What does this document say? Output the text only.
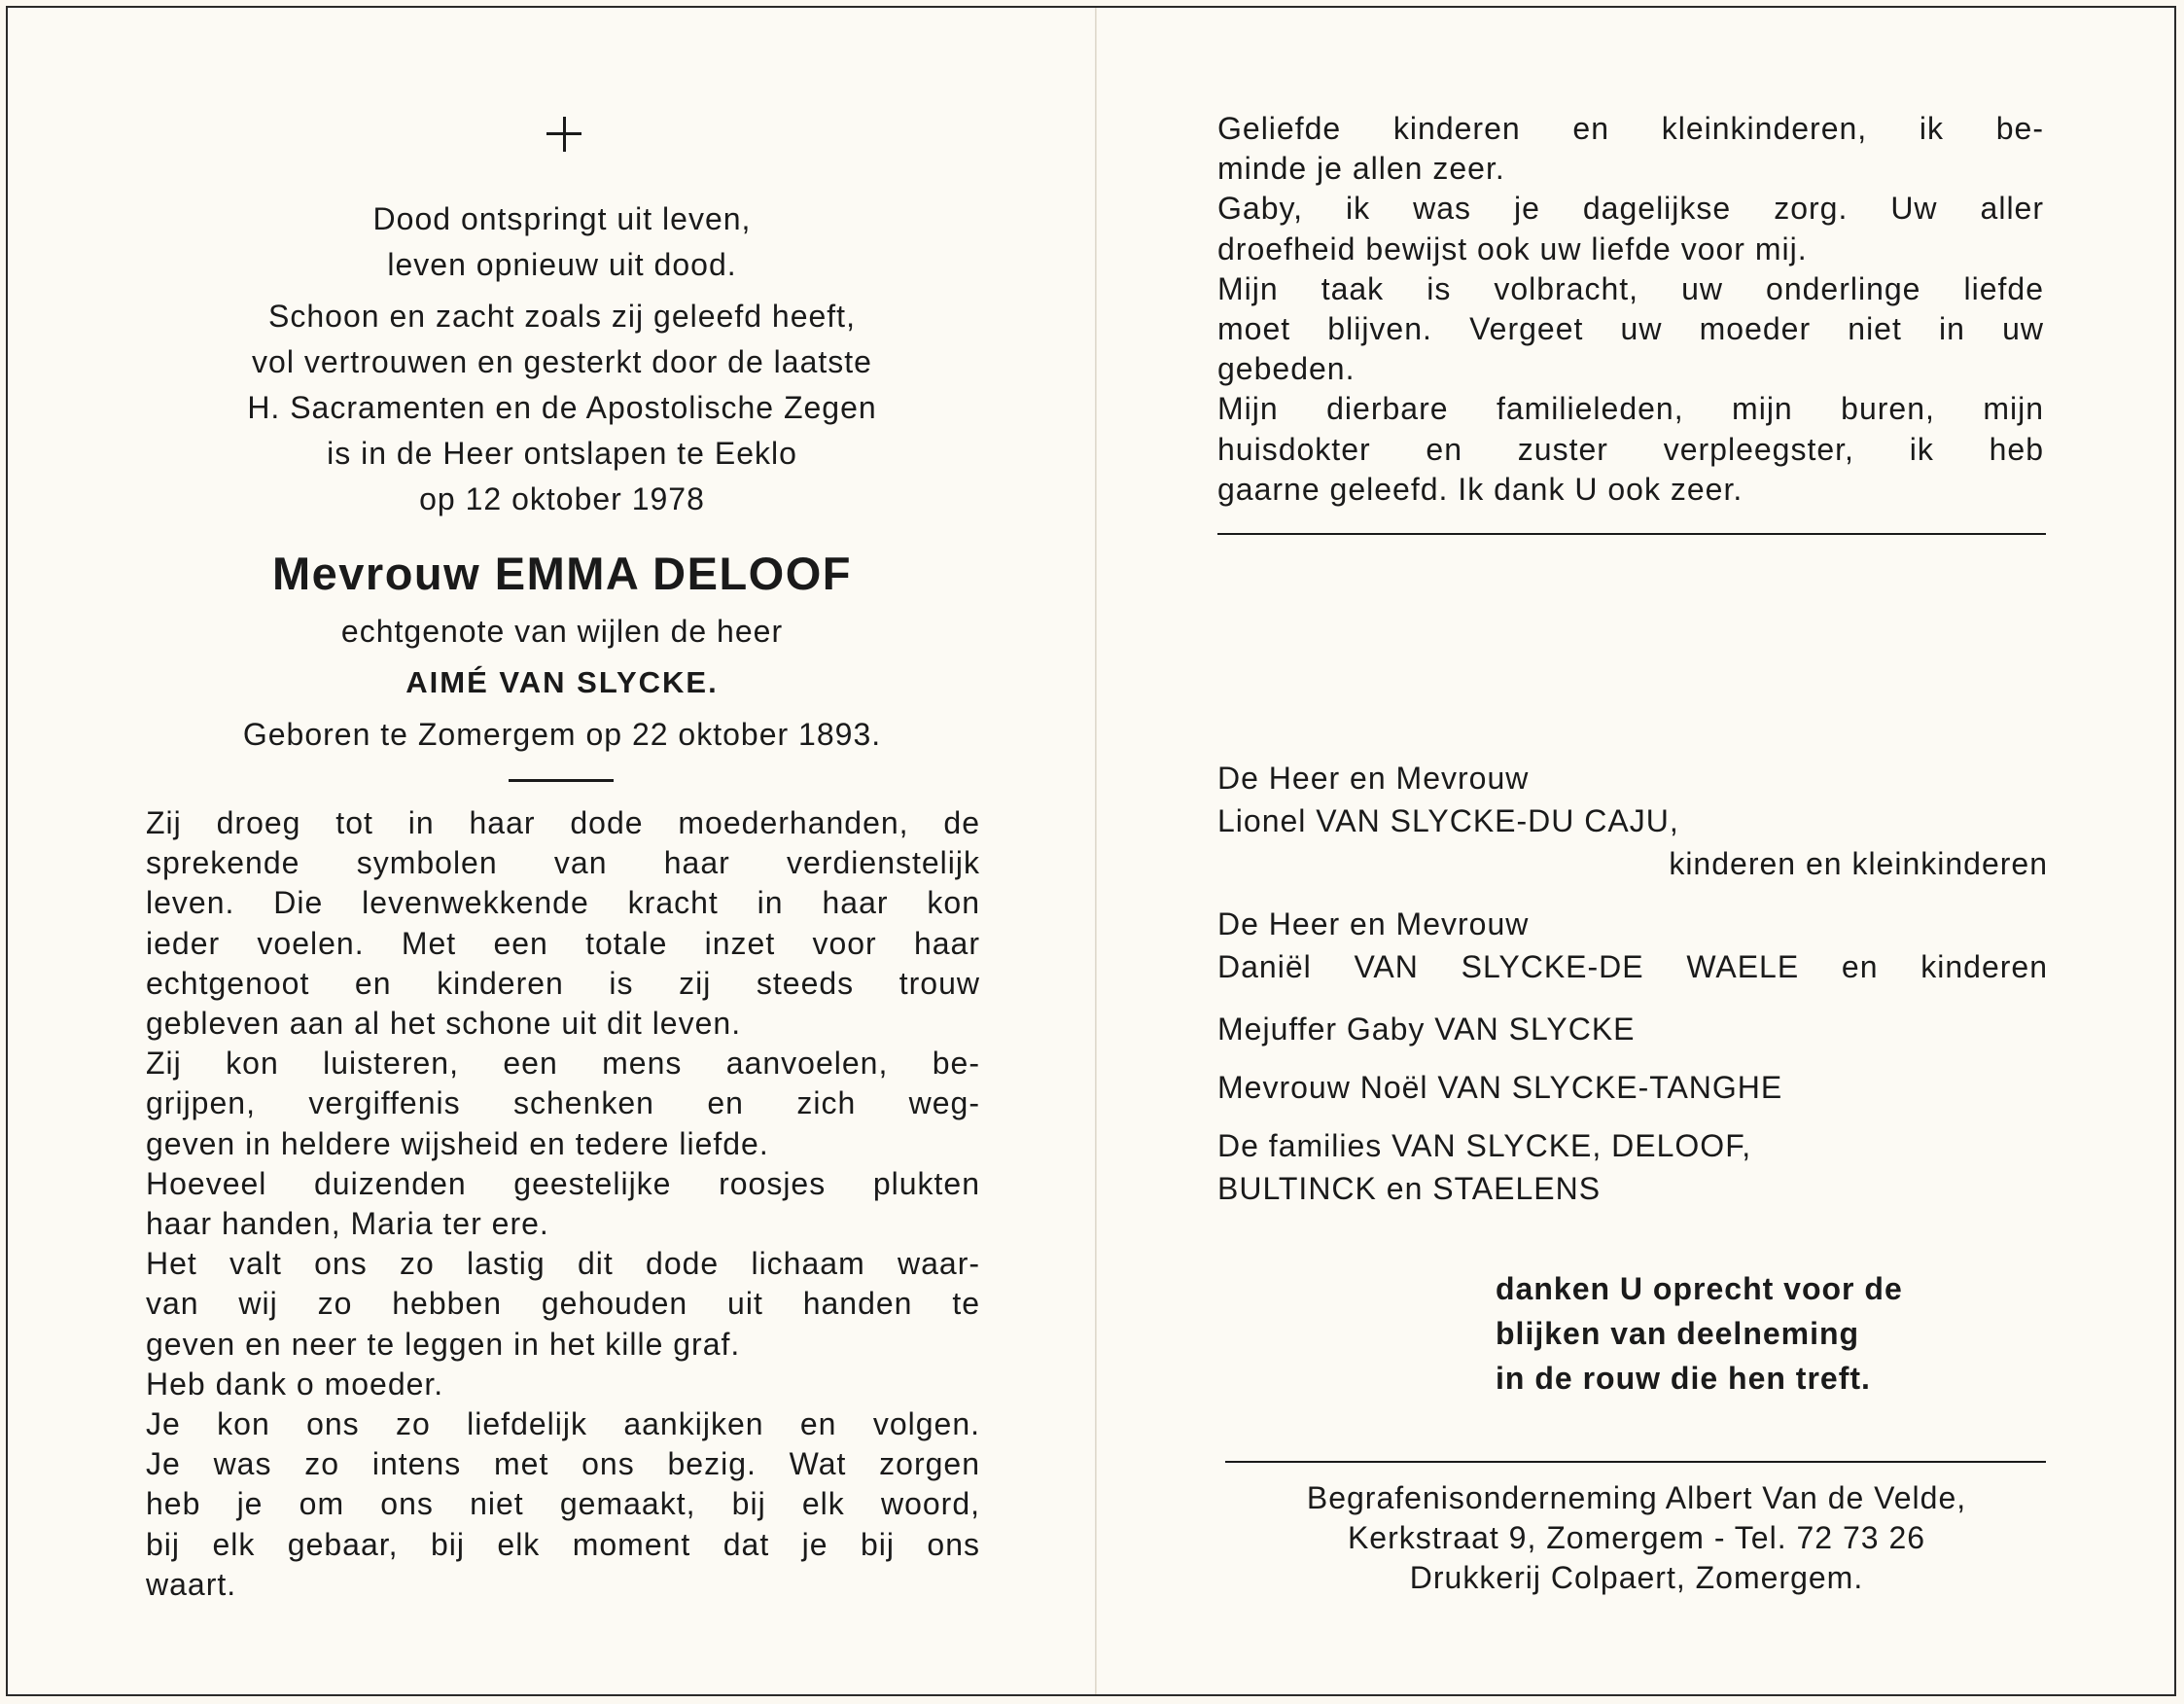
Dood ontspringt uit leven,
leven opnieuw uit dood.
Schoon en zacht zoals zij geleefd heeft,
vol vertrouwen en gesterkt door de laatste
H. Sacramenten en de Apostolische Zegen
is in de Heer ontslapen te Eeklo
op 12 oktober 1978
Mevrouw EMMA DELOOF
echtgenote van wijlen de heer
AIMÉ VAN SLYCKE.
Geboren te Zomergem op 22 oktober 1893.
Zij droeg tot in haar dode moederhanden, de
sprekende symbolen van haar verdienstelijk
leven. Die levenwekkende kracht in haar kon
ieder voelen. Met een totale inzet voor haar
echtgenoot en kinderen is zij steeds trouw
gebleven aan al het schone uit dit leven.
Zij kon luisteren, een mens aanvoelen, be-
grijpen, vergiffenis schenken en zich weg-
geven in heldere wijsheid en tedere liefde.
Hoeveel duizenden geestelijke roosjes plukten
haar handen, Maria ter ere.
Het valt ons zo lastig dit dode lichaam waar-
van wij zo hebben gehouden uit handen te
geven en neer te leggen in het kille graf.
Heb dank o moeder.
Je kon ons zo liefdelijk aankijken en volgen.
Je was zo intens met ons bezig. Wat zorgen
heb je om ons niet gemaakt, bij elk woord,
bij elk gebaar, bij elk moment dat je bij ons
waart.
Geliefde kinderen en kleinkinderen, ik be-
minde je allen zeer.
Gaby, ik was je dagelijkse zorg. Uw aller
droefheid bewijst ook uw liefde voor mij.
Mijn taak is volbracht, uw onderlinge liefde
moet blijven. Vergeet uw moeder niet in uw
gebeden.
Mijn dierbare familieleden, mijn buren, mijn
huisdokter en zuster verpleegster, ik heb
gaarne geleefd. Ik dank U ook zeer.
De Heer en Mevrouw
Lionel VAN SLYCKE-DU CAJU,
kinderen en kleinkinderen
De Heer en Mevrouw
Daniël VAN SLYCKE-DE WAELE en kinderen
Mejuffer Gaby VAN SLYCKE
Mevrouw Noël VAN SLYCKE-TANGHE
De families VAN SLYCKE, DELOOF,
BULTINCK en STAELENS
danken U oprecht voor de
blijken van deelneming
in de rouw die hen treft.
Begrafenisonderneming Albert Van de Velde,
Kerkstraat 9, Zomergem - Tel. 72 73 26
Drukkerij Colpaert, Zomergem.
